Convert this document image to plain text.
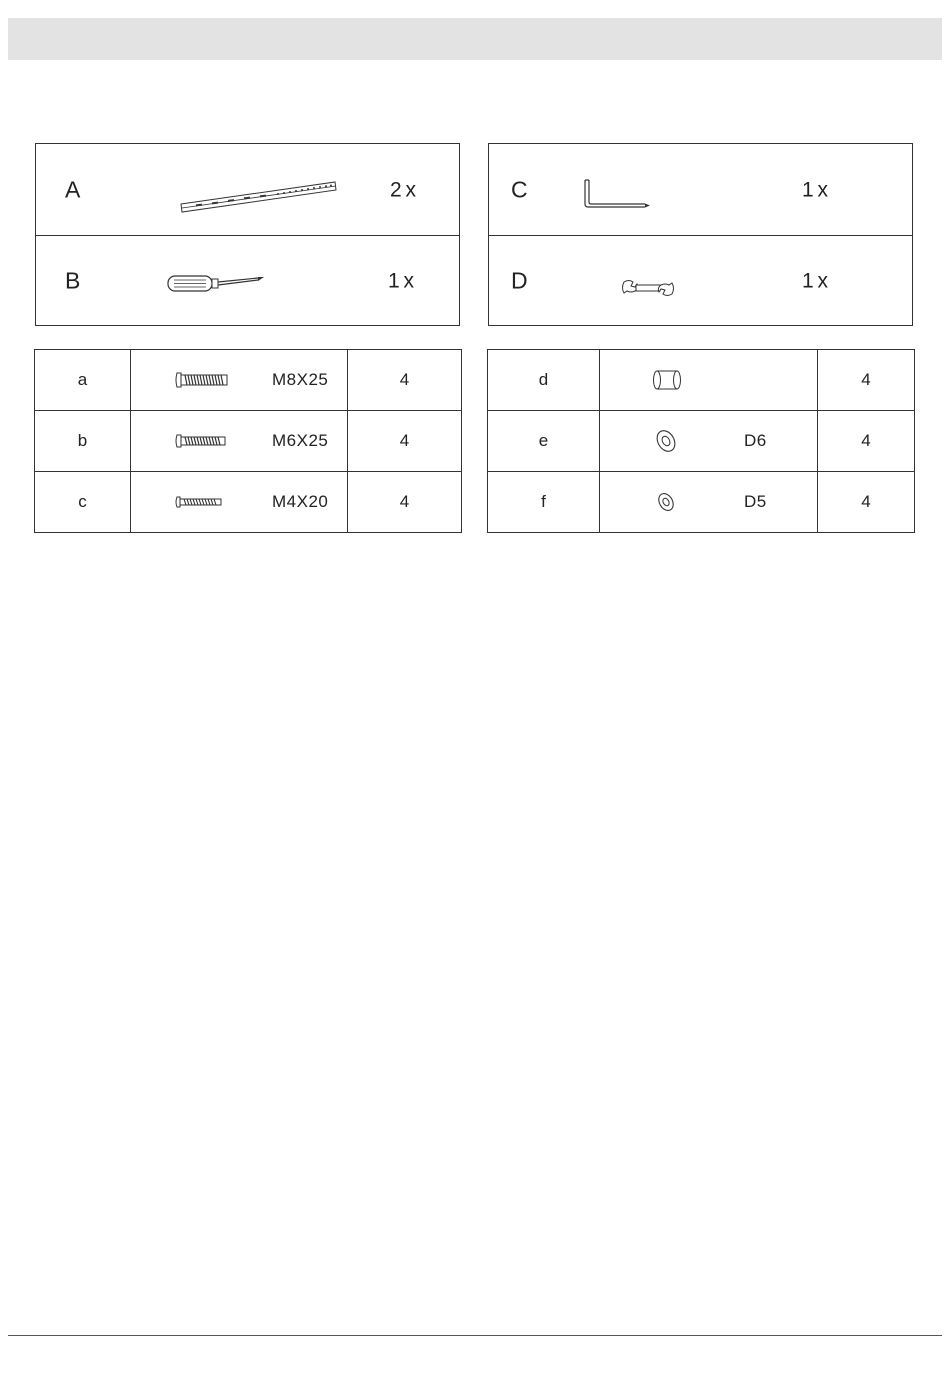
A	2 x
B	1 x
C	1 x
D	1 x
a	M8X25	4
b	M6X25	4
c	M4X20	4
d		4
e	D6	4
f	D5	4
